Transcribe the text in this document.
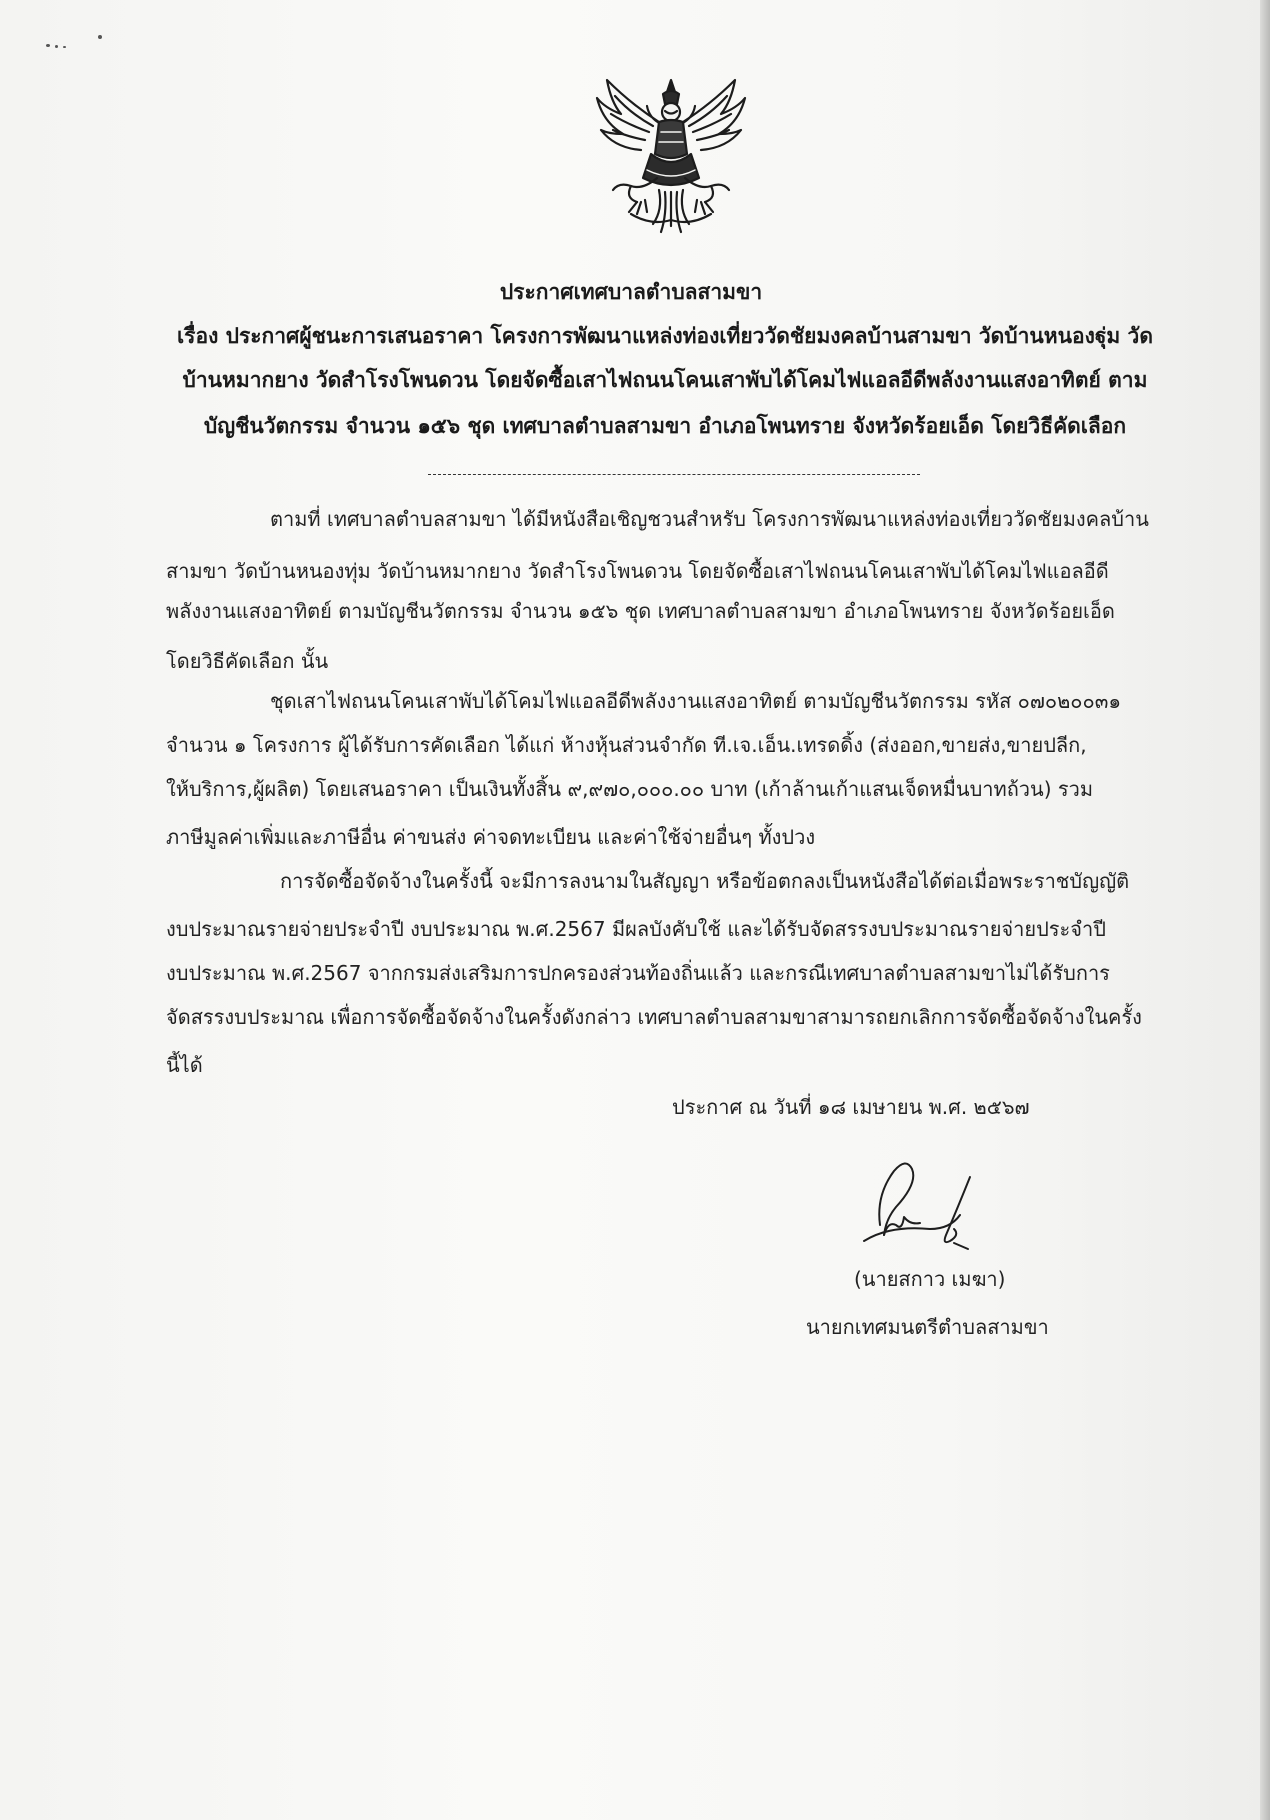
ประกาศเทศบาลตำบลสามขา
เรื่อง ประกาศผู้ชนะการเสนอราคา โครงการพัฒนาแหล่งท่องเที่ยววัดชัยมงคลบ้านสามขา วัดบ้านหนองฐุ่ม วัด
บ้านหมากยาง วัดสำโรงโพนดวน โดยจัดซื้อเสาไฟถนนโคนเสาพับได้โคมไฟแอลอีดีพลังงานแสงอาทิตย์ ตาม
บัญชีนวัตกรรม จำนวน ๑๕๖ ชุด เทศบาลตำบลสามขา อำเภอโพนทราย จังหวัดร้อยเอ็ด โดยวิธีคัดเลือก
ตามที่ เทศบาลตำบลสามขา ได้มีหนังสือเชิญชวนสำหรับ โครงการพัฒนาแหล่งท่องเที่ยววัดชัยมงคลบ้าน
สามขา วัดบ้านหนองทุ่ม วัดบ้านหมากยาง วัดสำโรงโพนดวน โดยจัดซื้อเสาไฟถนนโคนเสาพับได้โคมไฟแอลอีดี
พลังงานแสงอาทิตย์ ตามบัญชีนวัตกรรม จำนวน ๑๕๖ ชุด เทศบาลตำบลสามขา อำเภอโพนทราย จังหวัดร้อยเอ็ด
โดยวิธีคัดเลือก นั้น
ชุดเสาไฟถนนโคนเสาพับได้โคมไฟแอลอีดีพลังงานแสงอาทิตย์ ตามบัญชีนวัตกรรม รหัส ๐๗๐๒๐๐๓๑
จำนวน ๑ โครงการ ผู้ได้รับการคัดเลือก ได้แก่ ห้างหุ้นส่วนจำกัด ที.เจ.เอ็น.เทรดดิ้ง (ส่งออก,ขายส่ง,ขายปลีก,
ให้บริการ,ผู้ผลิต) โดยเสนอราคา เป็นเงินทั้งสิ้น ๙,๙๗๐,๐๐๐.๐๐ บาท (เก้าล้านเก้าแสนเจ็ดหมื่นบาทถ้วน) รวม
ภาษีมูลค่าเพิ่มและภาษีอื่น ค่าขนส่ง ค่าจดทะเบียน และค่าใช้จ่ายอื่นๆ ทั้งปวง
การจัดซื้อจัดจ้างในครั้งนี้ จะมีการลงนามในสัญญา หรือข้อตกลงเป็นหนังสือได้ต่อเมื่อพระราชบัญญัติ
งบประมาณรายจ่ายประจำปี งบประมาณ พ.ศ.2567 มีผลบังคับใช้ และได้รับจัดสรรงบประมาณรายจ่ายประจำปี
งบประมาณ พ.ศ.2567 จากกรมส่งเสริมการปกครองส่วนท้องถิ่นแล้ว และกรณีเทศบาลตำบลสามขาไม่ได้รับการ
จัดสรรงบประมาณ เพื่อการจัดซื้อจัดจ้างในครั้งดังกล่าว เทศบาลตำบลสามขาสามารถยกเลิกการจัดซื้อจัดจ้างในครั้ง
นี้ได้
ประกาศ ณ วันที่ ๑๘ เมษายน พ.ศ. ๒๕๖๗
(นายสกาว เมฆา)
นายกเทศมนตรีตำบลสามขา
